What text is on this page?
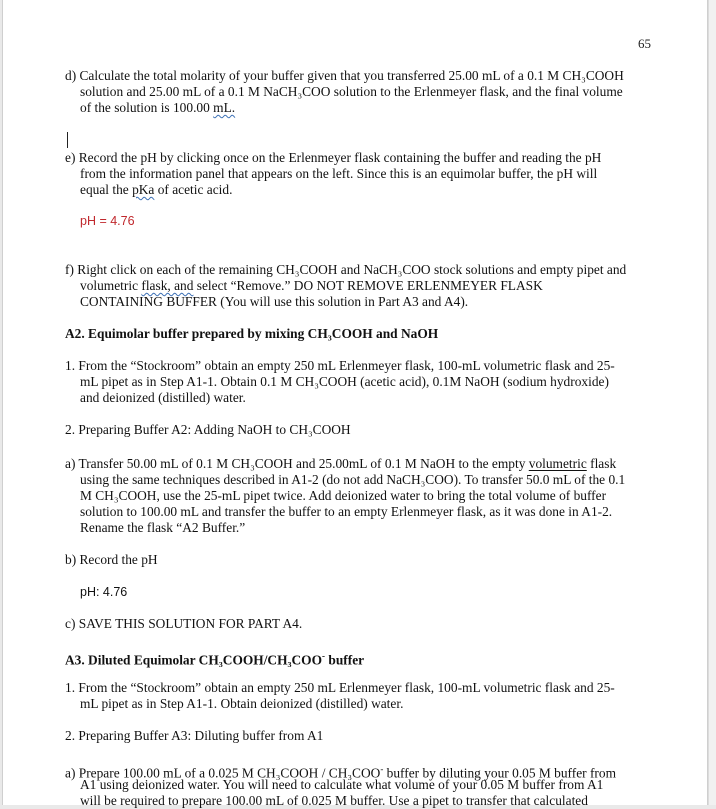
65
d) Calculate the total molarity of your buffer given that you transferred 25.00 mL of a 0.1 M CH₃COOH
solution and 25.00 mL of a 0.1 M NaCH₃COO solution to the Erlenmeyer flask, and the final volume
of the solution is 100.00 mL.
e) Record the pH by clicking once on the Erlenmeyer flask containing the buffer and reading the pH
from the information panel that appears on the left. Since this is an equimolar buffer, the pH will
equal the pKa of acetic acid.
pH = 4.76
f) Right click on each of the remaining CH₃COOH and NaCH₃COO stock solutions and empty pipet and
volumetric flask, and select “Remove.” DO NOT REMOVE ERLENMEYER FLASK
CONTAINING BUFFER (You will use this solution in Part A3 and A4).
A2. Equimolar buffer prepared by mixing CH₃COOH and NaOH
1. From the “Stockroom” obtain an empty 250 mL Erlenmeyer flask, 100-mL volumetric flask and 25-
mL pipet as in Step A1-1. Obtain 0.1 M CH₃COOH (acetic acid), 0.1M NaOH (sodium hydroxide)
and deionized (distilled) water.
2. Preparing Buffer A2: Adding NaOH to CH₃COOH
a) Transfer 50.00 mL of 0.1 M CH₃COOH and 25.00mL of 0.1 M NaOH to the empty volumetric flask
using the same techniques described in A1-2 (do not add NaCH₃COO). To transfer 50.0 mL of the 0.1
M CH₃COOH, use the 25-mL pipet twice. Add deionized water to bring the total volume of buffer
solution to 100.00 mL and transfer the buffer to an empty Erlenmeyer flask, as it was done in A1-2.
Rename the flask “A2 Buffer.”
b) Record the pH
pH: 4.76
c) SAVE THIS SOLUTION FOR PART A4.
A3. Diluted Equimolar CH₃COOH/CH₃COO- buffer
1. From the “Stockroom” obtain an empty 250 mL Erlenmeyer flask, 100-mL volumetric flask and 25-
mL pipet as in Step A1-1. Obtain deionized (distilled) water.
2. Preparing Buffer A3: Diluting buffer from A1
a) Prepare 100.00 mL of a 0.025 M CH₃COOH / CH₃COO- buffer by diluting your 0.05 M buffer from
A1 using deionized water. You will need to calculate what volume of your 0.05 M buffer from A1
will be required to prepare 100.00 mL of 0.025 M buffer. Use a pipet to transfer that calculated
